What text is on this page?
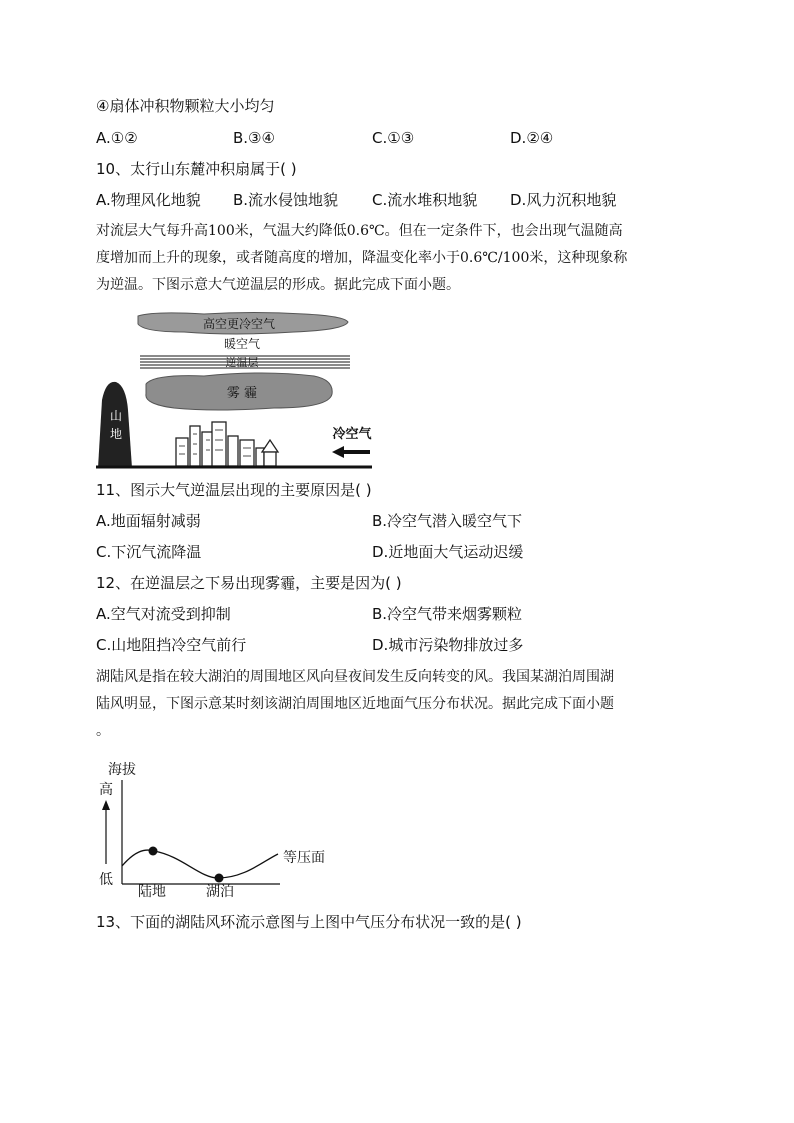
④扇体冲积物颗粒大小均匀
A.①②	B.③④	C.①③	D.②④
10、太行山东麓冲积扇属于( )
A.物理风化地貌 B.流水侵蚀地貌 C.流水堆积地貌 D.风力沉积地貌
对流层大气每升高100米，气温大约降低0.6℃。但在一定条件下，也会出现气温随高
度增加而上升的现象，或者随高度的增加，降温变化率小于0.6℃/100米，这种现象称
为逆温。下图示意大气逆温层的形成。据此完成下面小题。
高空更冷空气
暖空气
逆温层
雾 霾
山
地	冷空气
11、图示大气逆温层出现的主要原因是( )
A.地面辐射减弱	B.冷空气潜入暖空气下
C.下沉气流降温	D.近地面大气运动迟缓
12、在逆温层之下易出现雾霾，主要是因为( )
A.空气对流受到抑制	B.冷空气带来烟雾颗粒
C.山地阻挡冷空气前行	D.城市污染物排放过多
湖陆风是指在较大湖泊的周围地区风向昼夜间发生反向转变的风。我国某湖泊周围湖
陆风明显，下图示意某时刻该湖泊周围地区近地面气压分布状况。据此完成下面小题
。
海拔
高
低
陆地	湖泊
等压面
13、下面的湖陆风环流示意图与上图中气压分布状况一致的是( )
